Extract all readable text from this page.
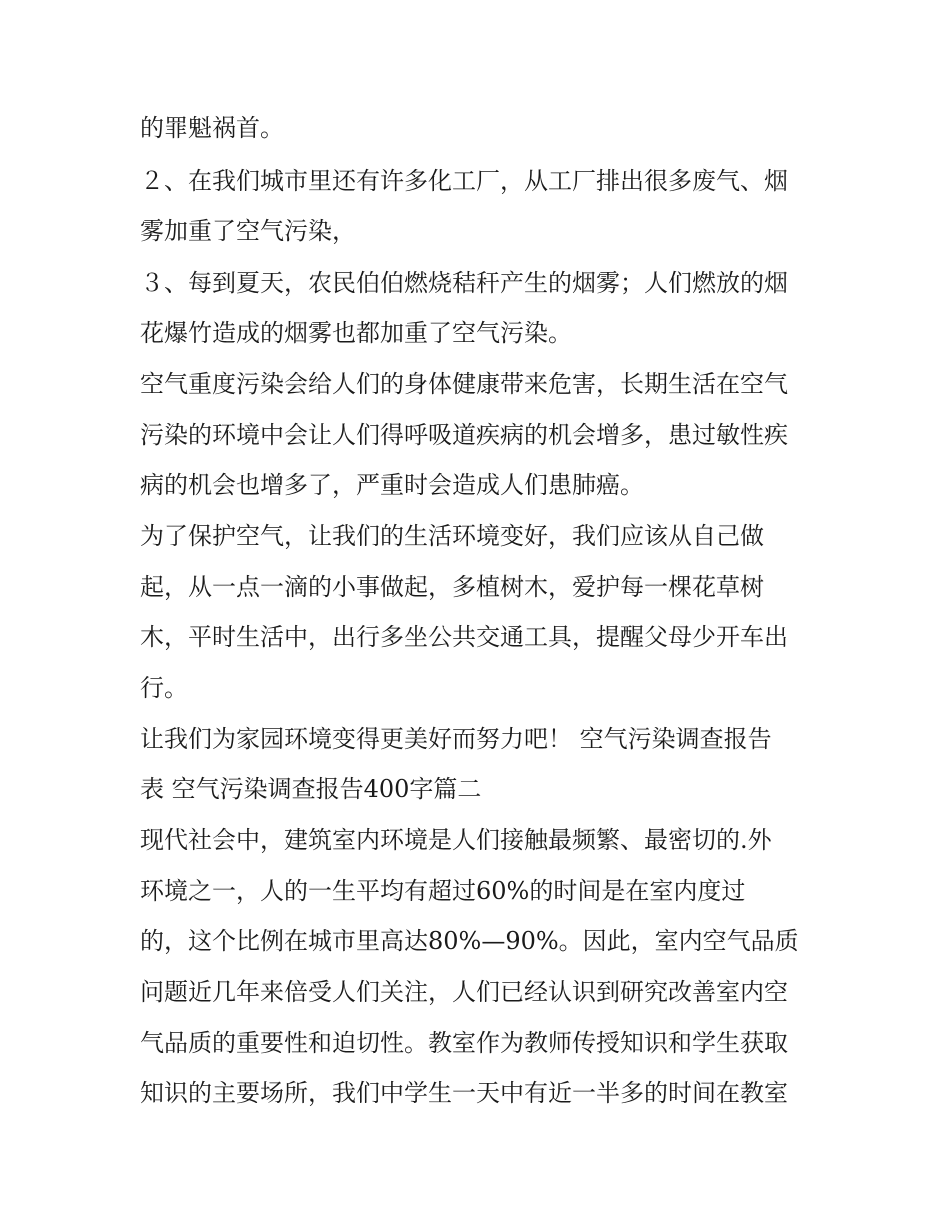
的罪魁祸首。
２、在我们城市里还有许多化工厂，从工厂排出很多废气、烟
雾加重了空气污染，
３、每到夏天，农民伯伯燃烧秸秆产生的烟雾；人们燃放的烟
花爆竹造成的烟雾也都加重了空气污染。
空气重度污染会给人们的身体健康带来危害，长期生活在空气
污染的环境中会让人们得呼吸道疾病的机会增多，患过敏性疾
病的机会也增多了，严重时会造成人们患肺癌。
为了保护空气，让我们的生活环境变好，我们应该从自己做
起，从一点一滴的小事做起，多植树木，爱护每一棵花草树
木，平时生活中，出行多坐公共交通工具，提醒父母少开车出
行。
让我们为家园环境变得更美好而努力吧！ 空气污染调查报告
表 空气污染调查报告400字篇二
现代社会中，建筑室内环境是人们接触最频繁、最密切的.外
环境之一，人的一生平均有超过60%的时间是在室内度过
的，这个比例在城市里高达80%—90%。因此，室内空气品质
问题近几年来倍受人们关注，人们已经认识到研究改善室内空
气品质的重要性和迫切性。教室作为教师传授知识和学生获取
知识的主要场所，我们中学生一天中有近一半多的时间在教室
